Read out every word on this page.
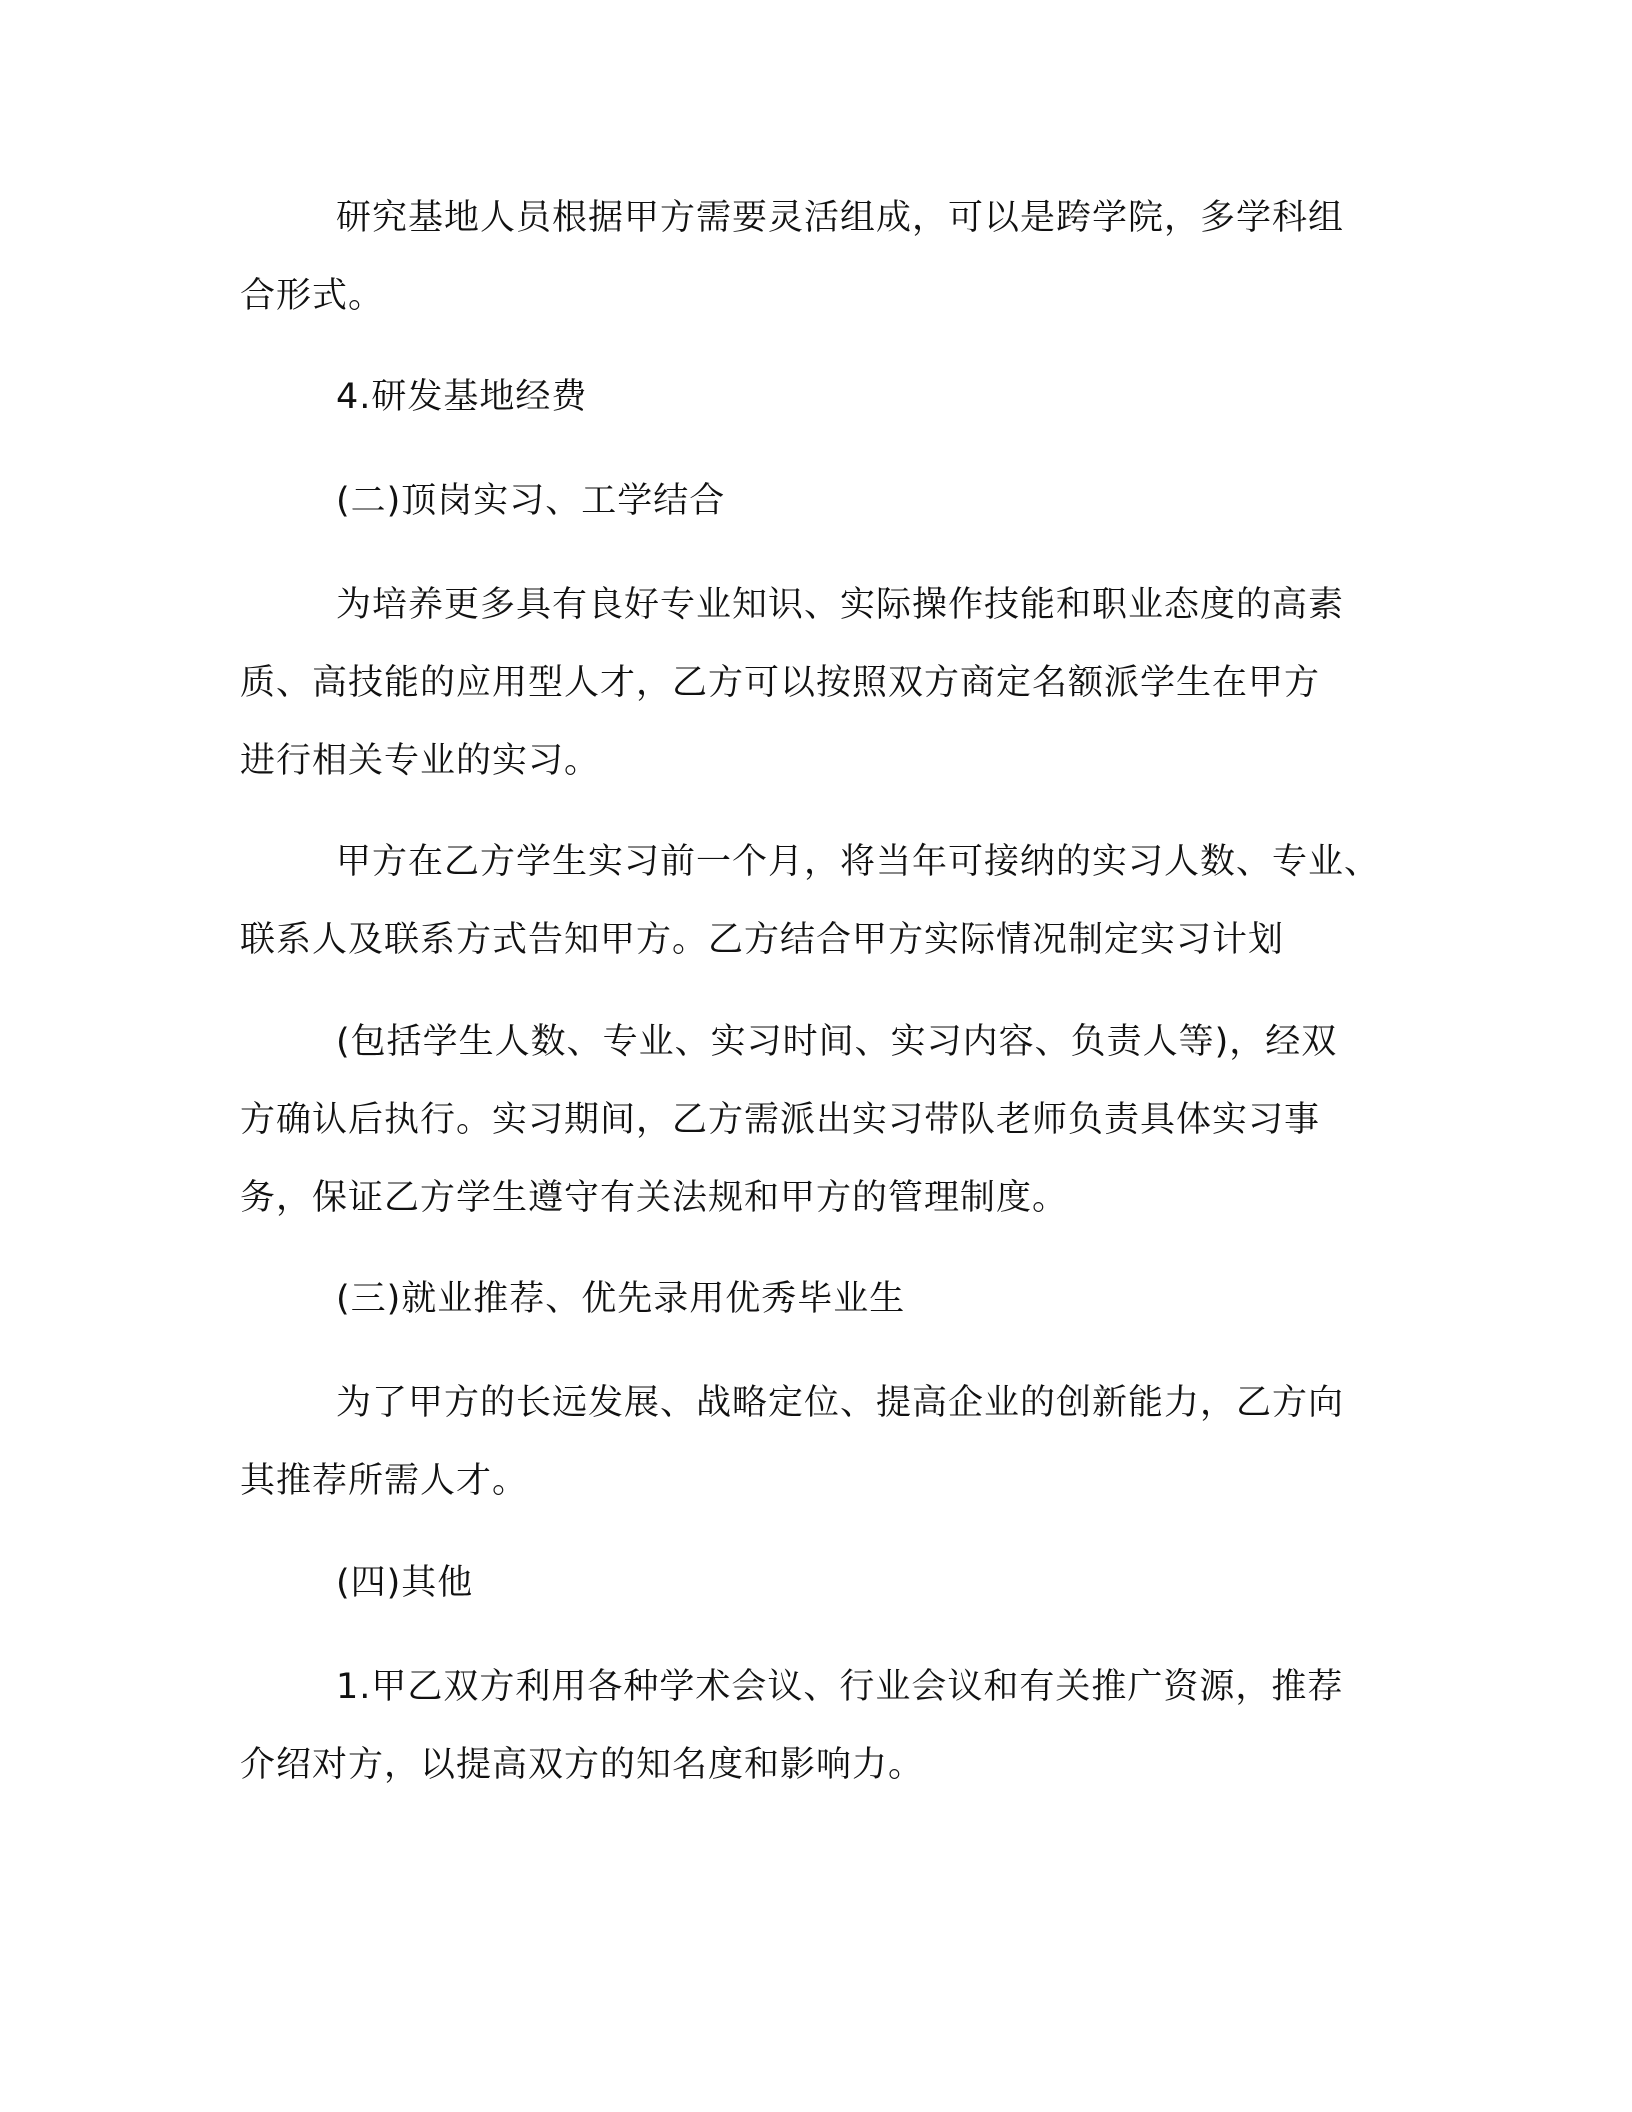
研究基地人员根据甲方需要灵活组成，可以是跨学院，多学科组
合形式。

4.研发基地经费

(二)顶岗实习、工学结合

为培养更多具有良好专业知识、实际操作技能和职业态度的高素
质、高技能的应用型人才，乙方可以按照双方商定名额派学生在甲方
进行相关专业的实习。

甲方在乙方学生实习前一个月，将当年可接纳的实习人数、专业、
联系人及联系方式告知甲方。乙方结合甲方实际情况制定实习计划

(包括学生人数、专业、实习时间、实习内容、负责人等)，经双
方确认后执行。实习期间，乙方需派出实习带队老师负责具体实习事
务，保证乙方学生遵守有关法规和甲方的管理制度。

(三)就业推荐、优先录用优秀毕业生

为了甲方的长远发展、战略定位、提高企业的创新能力，乙方向
其推荐所需人才。

(四)其他

1.甲乙双方利用各种学术会议、行业会议和有关推广资源，推荐
介绍对方，以提高双方的知名度和影响力。
